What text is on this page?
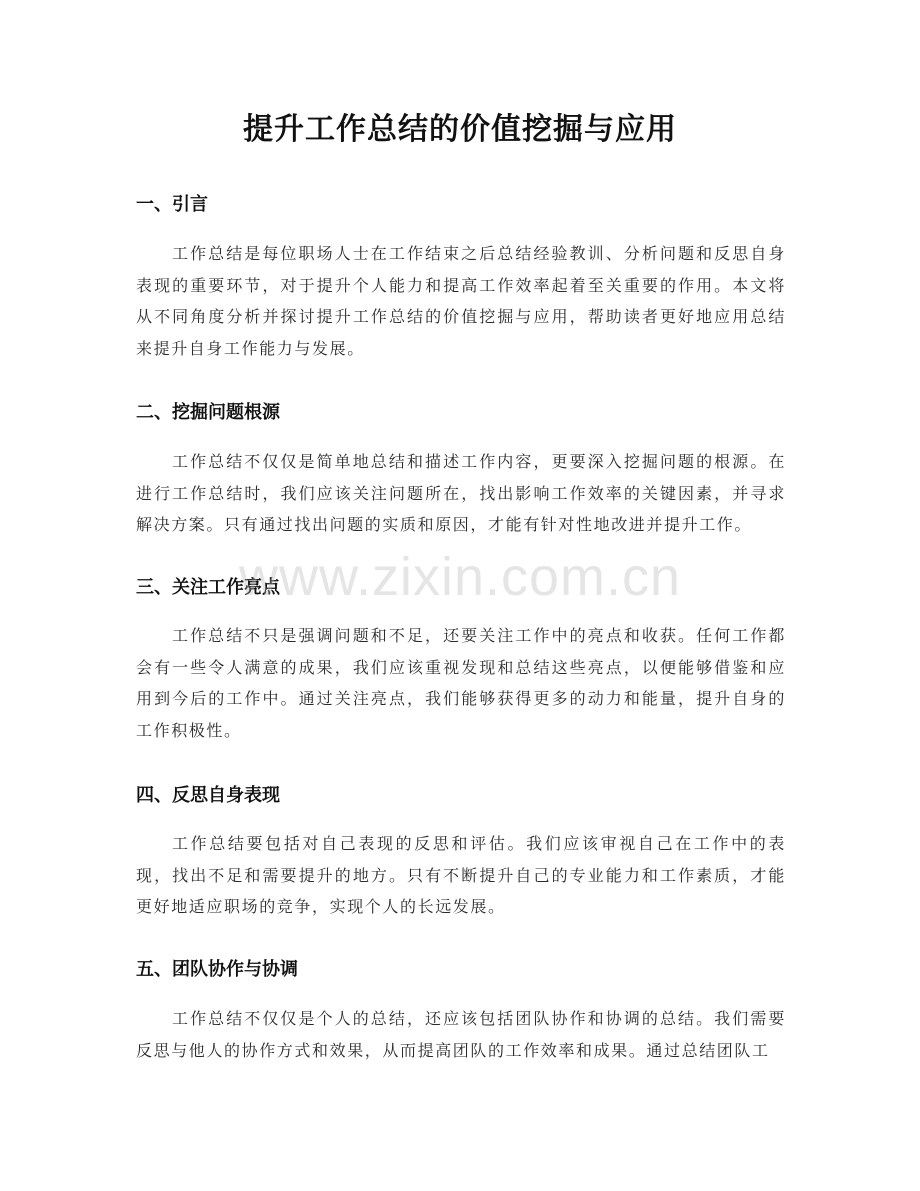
提升工作总结的价值挖掘与应用
一、引言

工作总结是每位职场人士在工作结束之后总结经验教训、分析问题和反思自身表现的重要环节，对于提升个人能力和提高工作效率起着至关重要的作用。本文将从不同角度分析并探讨提升工作总结的价值挖掘与应用，帮助读者更好地应用总结来提升自身工作能力与发展。

二、挖掘问题根源

工作总结不仅仅是简单地总结和描述工作内容，更要深入挖掘问题的根源。在进行工作总结时，我们应该关注问题所在，找出影响工作效率的关键因素，并寻求解决方案。只有通过找出问题的实质和原因，才能有针对性地改进并提升工作。

三、关注工作亮点

工作总结不只是强调问题和不足，还要关注工作中的亮点和收获。任何工作都会有一些令人满意的成果，我们应该重视发现和总结这些亮点，以便能够借鉴和应用到今后的工作中。通过关注亮点，我们能够获得更多的动力和能量，提升自身的工作积极性。

四、反思自身表现

工作总结要包括对自己表现的反思和评估。我们应该审视自己在工作中的表现，找出不足和需要提升的地方。只有不断提升自己的专业能力和工作素质，才能更好地适应职场的竞争，实现个人的长远发展。

五、团队协作与协调

工作总结不仅仅是个人的总结，还应该包括团队协作和协调的总结。我们需要反思与他人的协作方式和效果，从而提高团队的工作效率和成果。通过总结团队工

www.zixin.com.cn
